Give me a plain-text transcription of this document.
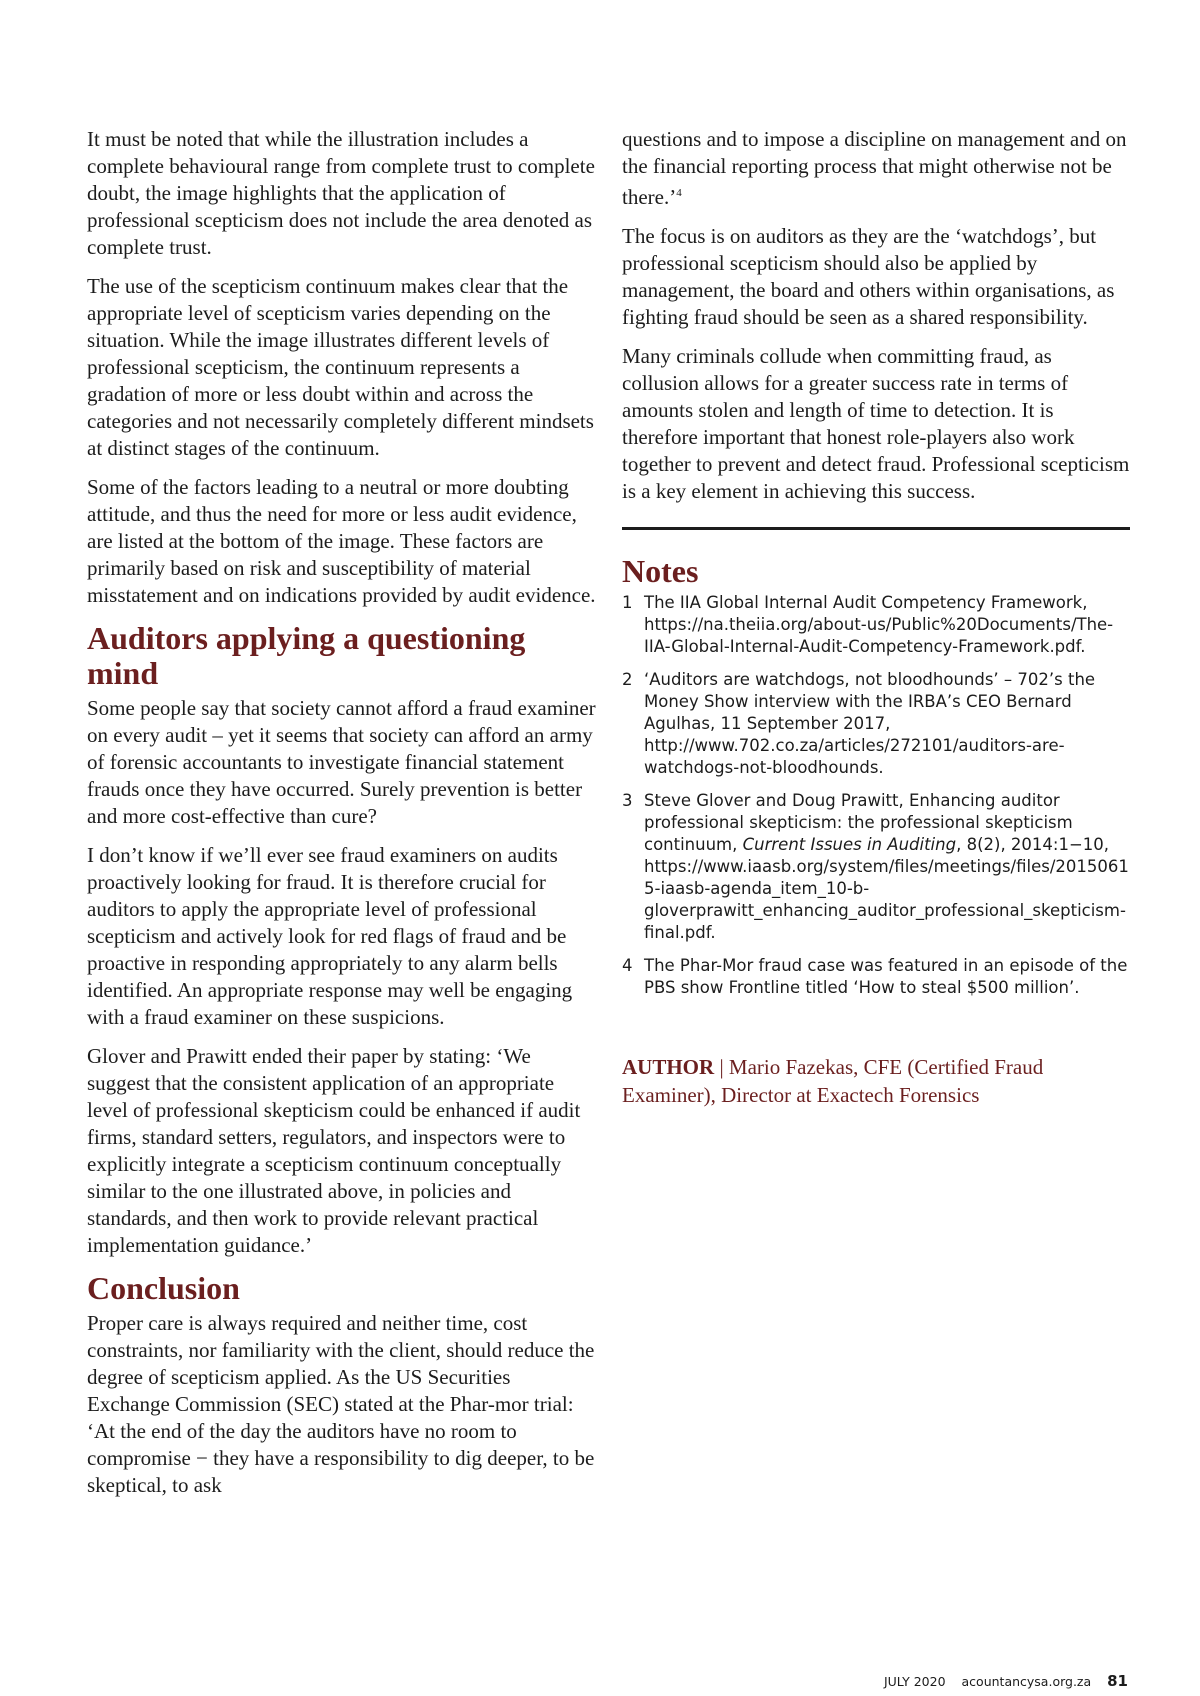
It must be noted that while the illustration includes a complete behavioural range from complete trust to complete doubt, the image highlights that the application of professional scepticism does not include the area denoted as complete trust.

The use of the scepticism continuum makes clear that the appropriate level of scepticism varies depending on the situation. While the image illustrates different levels of professional scepticism, the continuum represents a gradation of more or less doubt within and across the categories and not necessarily completely different mindsets at distinct stages of the continuum.

Some of the factors leading to a neutral or more doubting attitude, and thus the need for more or less audit evidence, are listed at the bottom of the image. These factors are primarily based on risk and susceptibility of material misstatement and on indications provided by audit evidence.

Auditors applying a questioning mind

Some people say that society cannot afford a fraud examiner on every audit – yet it seems that society can afford an army of forensic accountants to investigate financial statement frauds once they have occurred. Surely prevention is better and more cost-effective than cure?

I don’t know if we’ll ever see fraud examiners on audits proactively looking for fraud. It is therefore crucial for auditors to apply the appropriate level of professional scepticism and actively look for red flags of fraud and be proactive in responding appropriately to any alarm bells identified. An appropriate response may well be engaging with a fraud examiner on these suspicions.

Glover and Prawitt ended their paper by stating: ‘We suggest that the consistent application of an appropriate level of professional skepticism could be enhanced if audit firms, standard setters, regulators, and inspectors were to explicitly integrate a scepticism continuum conceptually similar to the one illustrated above, in policies and standards, and then work to provide relevant practical implementation guidance.’

Conclusion

Proper care is always required and neither time, cost constraints, nor familiarity with the client, should reduce the degree of scepticism applied. As the US Securities Exchange Commission (SEC) stated at the Phar-mor trial: ‘At the end of the day the auditors have no room to compromise − they have a responsibility to dig deeper, to be skeptical, to ask

questions and to impose a discipline on management and on the financial reporting process that might otherwise not be there.’$^4$

The focus is on auditors as they are the ‘watchdogs’, but professional scepticism should also be applied by management, the board and others within organisations, as fighting fraud should be seen as a shared responsibility.

Many criminals collude when committing fraud, as collusion allows for a greater success rate in terms of amounts stolen and length of time to detection. It is therefore important that honest role-players also work together to prevent and detect fraud. Professional scepticism is a key element in achieving this success.

Notes
1 The IIA Global Internal Audit Competency Framework, https://na.theiia.org/about-us/Public%20Documents/The-IIA-Global-Internal-Audit-Competency-Framework.pdf.
2 ‘Auditors are watchdogs, not bloodhounds’ – 702’s the Money Show interview with the IRBA’s CEO Bernard Agulhas, 11 September 2017, http://www.702.co.za/articles/272101/auditors-are-watchdogs-not-bloodhounds.
3 Steve Glover and Doug Prawitt, Enhancing auditor professional skepticism: the professional skepticism continuum, Current Issues in Auditing, 8(2), 2014:1−10, https://www.iaasb.org/system/files/meetings/files/20150615-iaasb-agenda_item_10-b-gloverprawitt_enhancing_auditor_professional_skepticism-final.pdf.
4 The Phar-Mor fraud case was featured in an episode of the PBS show Frontline titled ‘How to steal $500 million’.
AUTHOR | Mario Fazekas, CFE (Certified Fraud Examiner), Director at Exactech Forensics
JULY 2020 acountancysa.org.za 81
